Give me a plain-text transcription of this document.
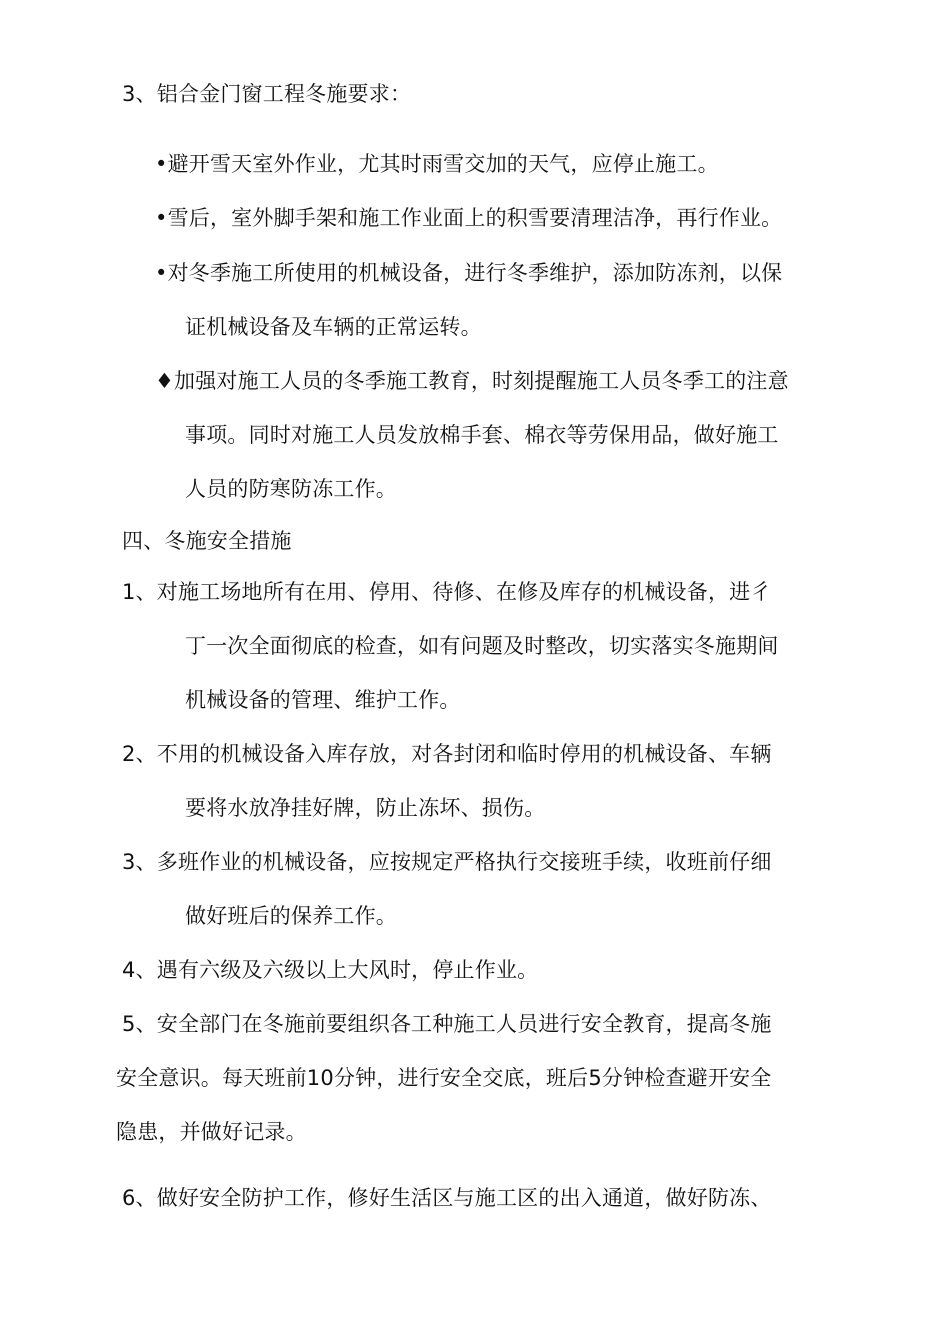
3、铝合金门窗工程冬施要求：
•避开雪天室外作业，尤其时雨雪交加的天气，应停止施工。
•雪后，室外脚手架和施工作业面上的积雪要清理洁净，再行作业。
•对冬季施工所使用的机械设备，进行冬季维护，添加防冻剂，以保
证机械设备及车辆的正常运转。
♦加强对施工人员的冬季施工教育，时刻提醒施工人员冬季工的注意
事项。同时对施工人员发放棉手套、棉衣等劳保用品，做好施工
人员的防寒防冻工作。
四、冬施安全措施
1、对施工场地所有在用、停用、待修、在修及库存的机械设备，进彳
丁一次全面彻底的检查，如有问题及时整改，切实落实冬施期间
机械设备的管理、维护工作。
2、不用的机械设备入库存放，对各封闭和临时停用的机械设备、车辆
要将水放净挂好牌，防止冻坏、损伤。
3、多班作业的机械设备，应按规定严格执行交接班手续，收班前仔细
做好班后的保养工作。
4、遇有六级及六级以上大风时，停止作业。
5、安全部门在冬施前要组织各工种施工人员进行安全教育，提高冬施
安全意识。每天班前10分钟，进行安全交底，班后5分钟检查避开安全
隐患，并做好记录。
6、做好安全防护工作，修好生活区与施工区的出入通道，做好防冻、
